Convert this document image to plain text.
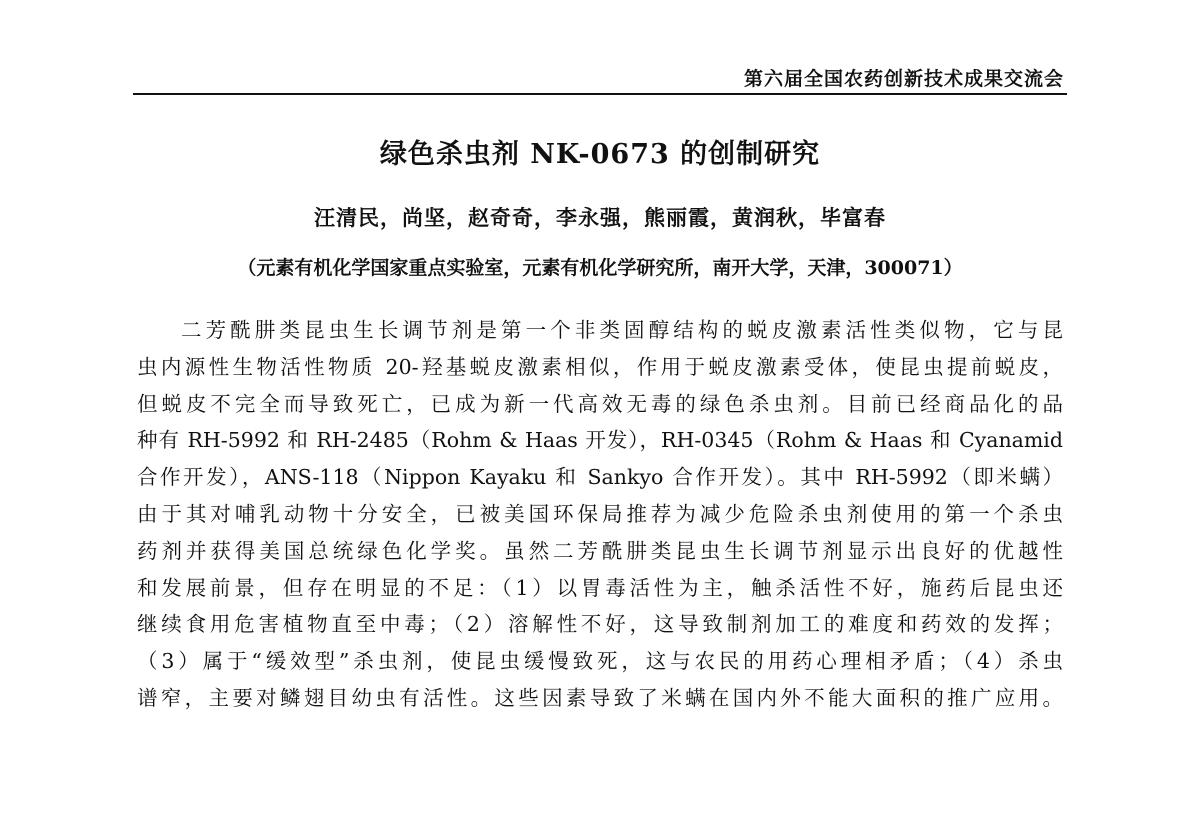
第六届全国农药创新技术成果交流会
绿色杀虫剂 NK-0673 的创制研究
汪清民，尚坚，赵奇奇，李永强，熊丽霞，黄润秋，毕富春
（元素有机化学国家重点实验室，元素有机化学研究所，南开大学，天津，300071）
二芳酰肼类昆虫生长调节剂是第一个非类固醇结构的蜕皮激素活性类似物，它与昆
虫内源性生物活性物质 20-羟基蜕皮激素相似，作用于蜕皮激素受体，使昆虫提前蜕皮，
但蜕皮不完全而导致死亡，已成为新一代高效无毒的绿色杀虫剂。目前已经商品化的品
种有 RH-5992 和 RH-2485（Rohm & Haas 开发），RH-0345（Rohm & Haas 和 Cyanamid
合作开发），ANS-118（Nippon Kayaku 和 Sankyo 合作开发）。其中 RH-5992（即米螨）
由于其对哺乳动物十分安全，已被美国环保局推荐为减少危险杀虫剂使用的第一个杀虫
药剂并获得美国总统绿色化学奖。虽然二芳酰肼类昆虫生长调节剂显示出良好的优越性
和发展前景，但存在明显的不足：（1）以胃毒活性为主，触杀活性不好，施药后昆虫还
继续食用危害植物直至中毒；（2）溶解性不好，这导致制剂加工的难度和药效的发挥；
（3）属于“缓效型”杀虫剂，使昆虫缓慢致死，这与农民的用药心理相矛盾；（4）杀虫
谱窄，主要对鳞翅目幼虫有活性。这些因素导致了米螨在国内外不能大面积的推广应用。
